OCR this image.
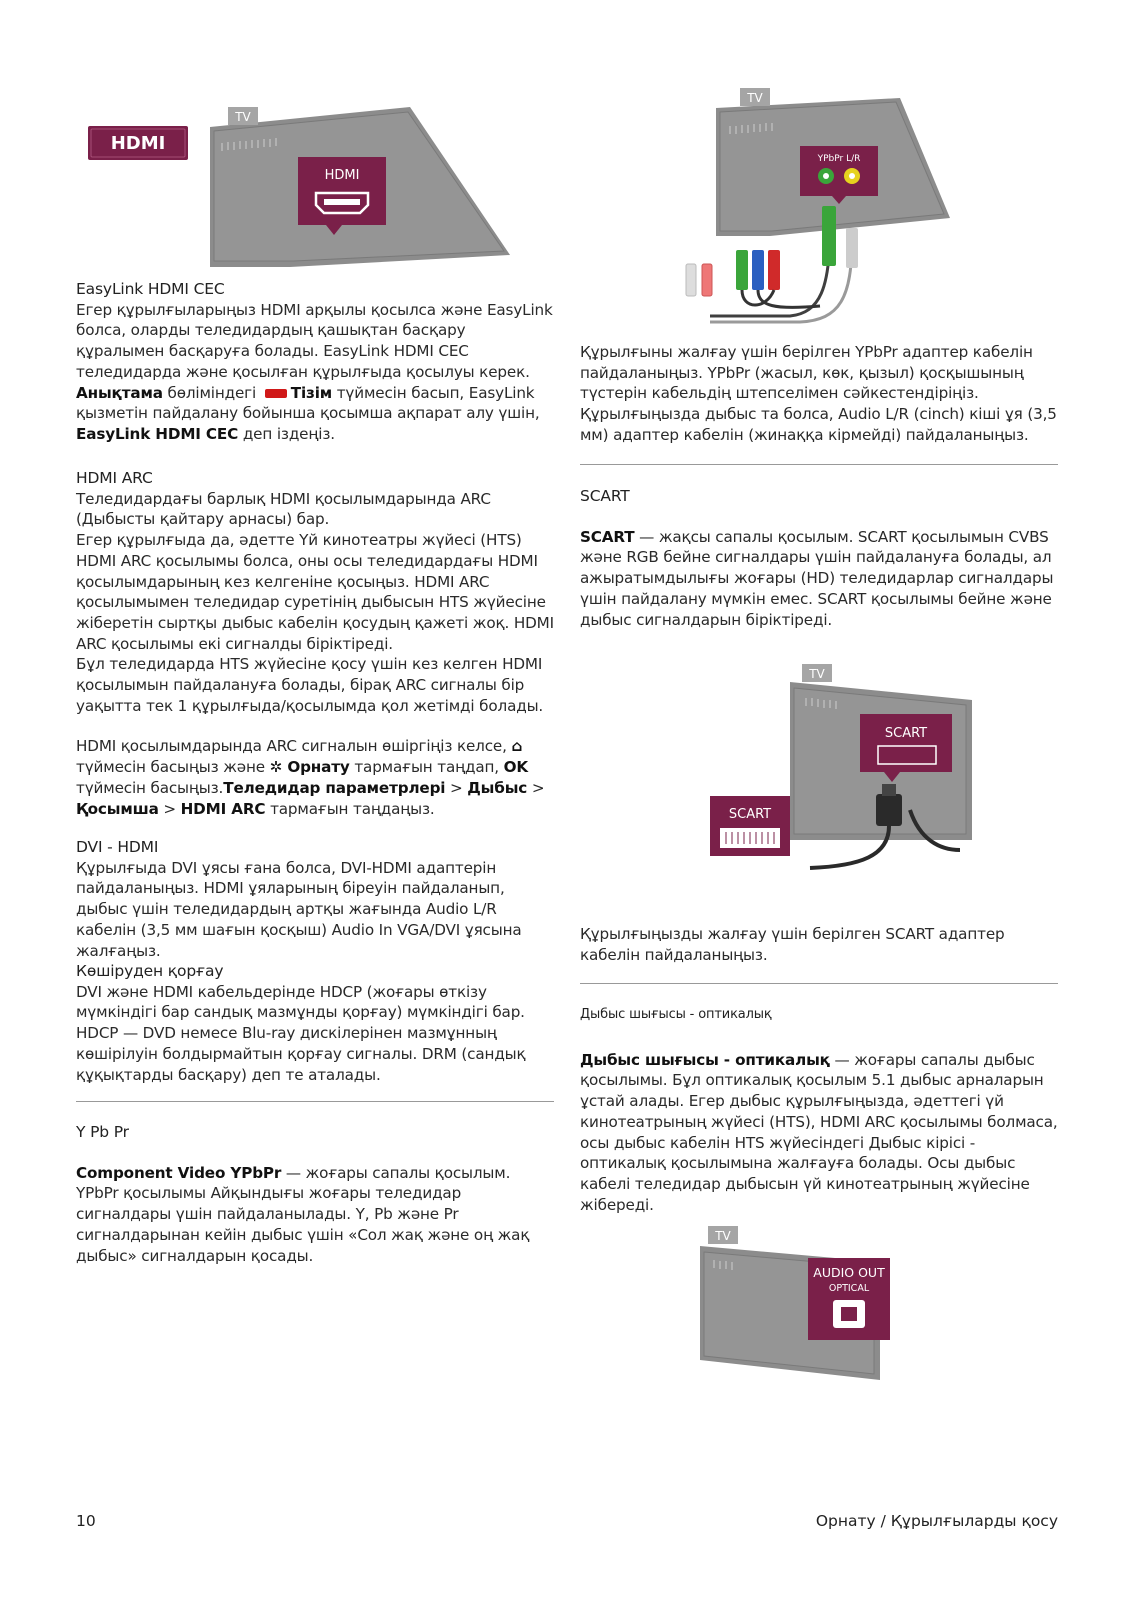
HDMI
TV
HDMI

EasyLink HDMI CEC

Егер құрылғыларыңыз HDMI арқылы қосылса және EasyLink болса, оларды теледидардың қашықтан басқару құралымен басқаруға болады. EasyLink HDMI CEC теледидарда және қосылған құрылғыда қосылуы керек.

Анықтама бөліміндегі Тізім түймесін басып, EasyLink қызметін пайдалану бойынша қосымша ақпарат алу үшін, EasyLink HDMI CEC деп іздеңіз.

HDMI ARC

Теледидардағы барлық HDMI қосылымдарында ARC (Дыбысты қайтару арнасы) бар.

Егер құрылғыда да, әдетте Үй кинотеатры жүйесі (HTS) HDMI ARC қосылымы болса, оны осы теледидардағы HDMI қосылымдарының кез келгеніне қосыңыз. HDMI ARC қосылымымен теледидар суретінің дыбысын HTS жүйесіне жіберетін сыртқы дыбыс кабелін қосудың қажеті жоқ. HDMI ARC қосылымы екі сигналды біріктіреді.

Бұл теледидарда HTS жүйесіне қосу үшін кез келген HDMI қосылымын пайдалануға болады, бірақ ARC сигналы бір уақытта тек 1 құрылғыда/қосылымда қол жетімді болады.

HDMI қосылымдарында ARC сигналын өшіргіңіз келсе, ⌂ түймесін басыңыз және ✲ Орнату тармағын таңдап, OK түймесін басыңыз.Теледидар параметрлері > Дыбыс > Қосымша > HDMI ARC тармағын таңдаңыз.

DVI - HDMI

Құрылғыда DVI ұясы ғана болса, DVI-HDMI адаптерін пайдаланыңыз. HDMI ұяларының біреуін пайдаланып, дыбыс үшін теледидардың артқы жағында Audio L/R кабелін (3,5 мм шағын қосқыш) Audio In VGA/DVI ұясына жалғаңыз.

Көшіруден қорғау

DVI және HDMI кабельдерінде HDCP (жоғары өткізу мүмкіндігі бар сандық мазмұнды қорғау) мүмкіндігі бар. HDCP — DVD немесе Blu-ray дискілерінен мазмұнның көшірілуін болдырмайтын қорғау сигналы. DRM (сандық құқықтарды басқару) деп те аталады.

Y Pb Pr

Component Video YPbPr — жоғары сапалы қосылым. YPbPr қосылымы Айқындығы жоғары теледидар сигналдары үшін пайдаланылады. Y, Pb және Pr сигналдарынан кейін дыбыс үшін «Сол жақ және оң жақ дыбыс» сигналдарын қосады.

TV
YPbPr L/R

Құрылғыны жалғау үшін берілген YPbPr адаптер кабелін пайдаланыңыз. YPbPr (жасыл, көк, қызыл) қосқышының түстерін кабельдің штепселімен сәйкестендіріңіз. Құрылғыңызда дыбыс та болса, Audio L/R (cinch) кіші ұя (3,5 мм) адаптер кабелін (жинаққа кірмейді) пайдаланыңыз.

SCART

SCART — жақсы сапалы қосылым. SCART қосылымын CVBS және RGB бейне сигналдары үшін пайдалануға болады, ал ажыратымдылығы жоғары (HD) теледидарлар сигналдары үшін пайдалану мүмкін емес. SCART қосылымы бейне және дыбыс сигналдарын біріктіреді.

TV
SCART
SCART

Құрылғыңызды жалғау үшін берілген SCART адаптер кабелін пайдаланыңыз.

Дыбыс шығысы - оптикалық

Дыбыс шығысы - оптикалық — жоғары сапалы дыбыс қосылымы. Бұл оптикалық қосылым 5.1 дыбыс арналарын ұстай алады. Егер дыбыс құрылғыңызда, әдеттегі үй кинотеатрының жүйесі (HTS), HDMI ARC қосылымы болмаса, осы дыбыс кабелін HTS жүйесіндегі Дыбыс кірісі - оптикалық қосылымына жалғауға болады. Осы дыбыс кабелі теледидар дыбысын үй кинотеатрының жүйесіне жібереді.

TV
AUDIO OUT
OPTICAL
10	Орнату / Құрылғыларды қосу
